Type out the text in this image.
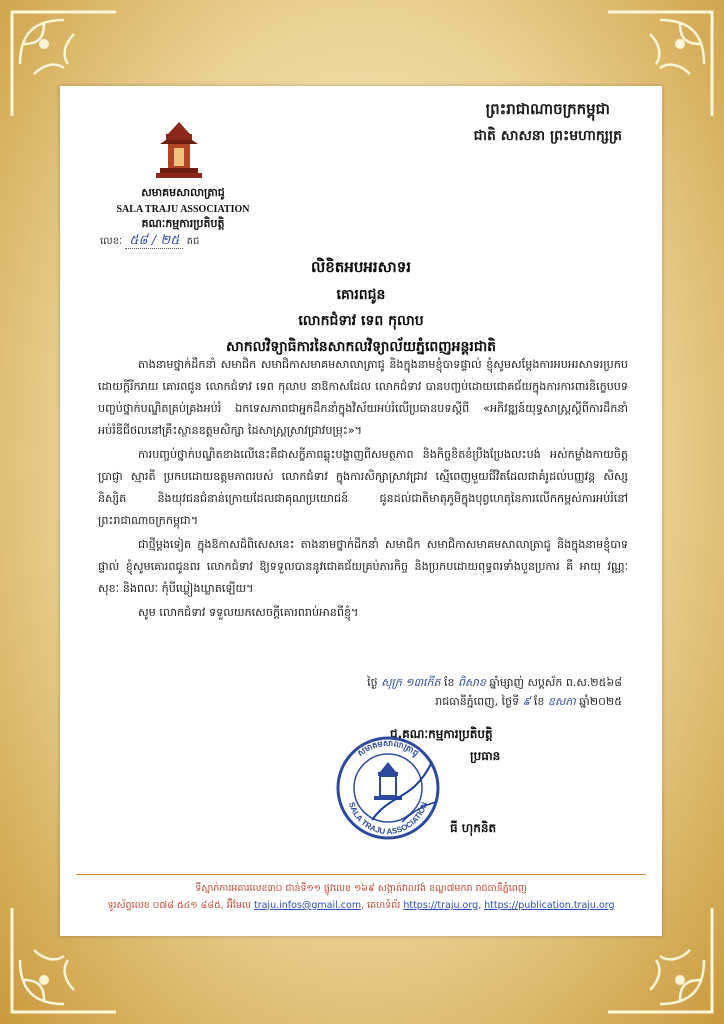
ព្រះរាជាណាចក្រកម្ពុជា
ជាតិ សាសនា ព្រះមហាក្សត្រ
សមាគមសាលាត្រាជូ
SALA TRAJU ASSOCIATION
គណៈកម្មការប្រតិបត្តិ
លេខៈ ៥៨ / ២៥ តជ
លិខិតអបអរសាទរ
គោរពជូន
លោកជំទាវ ទេព កុលាប
សាកលវិទ្យាធិការនៃសាកលវិទ្យាល័យភ្នំពេញអន្តរជាតិ

តាងនាមថ្នាក់ដឹកនាំ សមាជិក សមាជិកាសមាគមសាលាត្រាជូ និងក្នុងនាមខ្ញុំបាទផ្ទាល់ ខ្ញុំសូមសម្តែងការអបអរសាទរប្រកបដោយក្តីរីករាយ គោរពជូន លោកជំទាវ ទេព កុលាប នាឱកាសដែល លោកជំទាវ បានបញ្ចប់ដោយជោគជ័យក្នុងការការពារនិក្ខេបបទបញ្ចប់ថ្នាក់បណ្ឌិតគ្រប់គ្រងអប់រំ ឯកទេសភាពជាអ្នកដឹកនាំក្នុងវិស័យអប់រំលើប្រធានបទស្តីពី «អភិវឌ្ឍន៍យុទ្ធសាស្រ្តស្តីពីការដឹកនាំអប់រំឌីជីថលនៅគ្រឹះស្ថានឧត្តមសិក្សា ដៃសាស្ត្រស្រាវជ្រាវបម្រុះ»។

ការបញ្ចប់ថ្នាក់បណ្ឌិតខាងលើនេះគឺជាសក្ខីភាពឆ្លុះបង្ហាញពីសមត្ថភាព និងកិច្ចខិតខំប្រឹងប្រែងលះបង់ អស់កម្លាំងកាយចិត្ត ប្រាជ្ញា ស្មារតី ប្រកបដោយឧត្តមភាពរបស់ លោកជំទាវ ក្នុងការសិក្សាស្រាវជ្រាវ ស្មើពេញមួយជីវិតដែលជាគំរូដល់បញ្ញវន្ត សិស្ស និស្សិត និងយុវជនជំនាន់ក្រោយដែលជាគុណប្រយោជន៍ ជូនដល់ជាតិមាតុភូមិក្នុងបុព្វហេតុនៃការលើកកម្ពស់ការអប់រំនៅព្រះរាជាណាចក្រកម្ពុជា។

ជាថ្មីម្តងទៀត ក្នុងឱកាសដ៏ពិសេសនេះ តាងនាមថ្នាក់ដឹកនាំ សមាជិក សមាជិកាសមាគមសាលាត្រាជូ និងក្នុងនាមខ្ញុំបាទផ្ទាល់ ខ្ញុំសូមគោរពជូនពរ លោកជំទាវ ឱ្យទទួលបាននូវជោគជ័យគ្រប់ភារកិច្ច និងប្រកបដោយពុទ្ធពរទាំងបួនប្រការ គឺ អាយុ វណ្ណៈ សុខៈ និងពលៈ កុំបីឃ្លៀងឃ្លាតឡើយ។

សូម លោកជំទាវ ទទួលយកសេចក្តីគោរពរាប់អានពីខ្ញុំ។

ថ្ងៃ សុក្រ ១៣កើត ខែ ពិសាខ ឆ្នាំម្សាញ់ សប្តស័ក ព.ស.២៥៦៨
រាជធានីភ្នំពេញ, ថ្ងៃទី ៩ ខែ ឧសភា ឆ្នាំ២០២៥
ជ.គណៈកម្មការប្រតិបត្តិ
ប្រធាន
សមាគមសាលាត្រាជូ
SALA TRAJU ASSOCIATION
ធី ហុកនិត
ទីស្នាក់ការអគារលេខ៣០ ជាន់ទី១១ ផ្លូវលេខ ១៦៩ សង្កាត់វាលវង់ ខណ្ឌ៧មករា រាជធានីភ្នំពេញ
ទូរស័ព្ទលេខ ០៧៨ ៥៤១ ៨៨៥, អ៊ីមែល traju.infos@gmail.com, គេហទំព័រ https://traju.org, https://publication.traju.org
